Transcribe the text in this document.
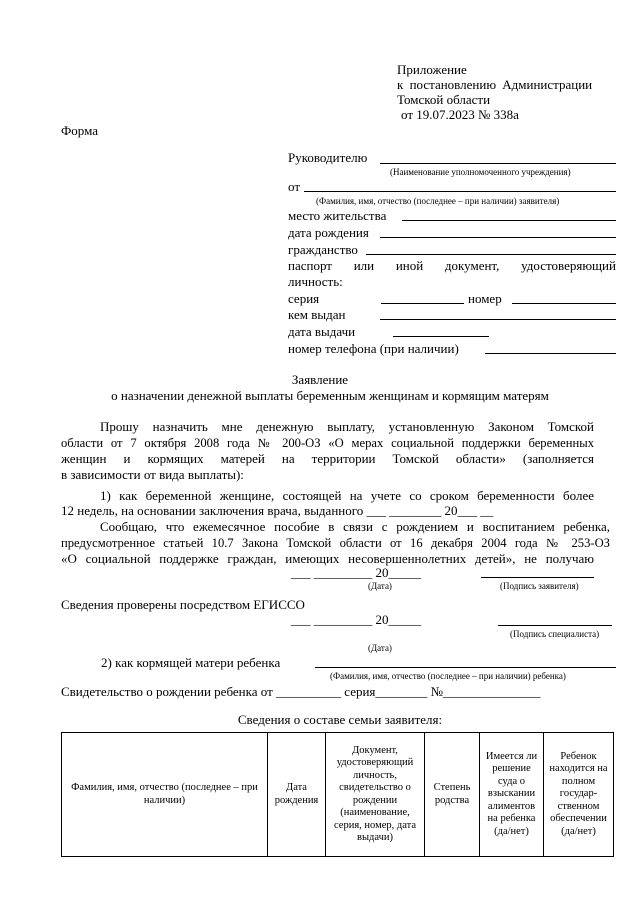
Приложение
к постановлению Администрации
Томской области
от 19.07.2023 № 338а
Форма
Руководителю
(Наименование уполномоченного учреждения)
от
(Фамилия, имя, отчество (последнее – при наличии) заявителя)
место жительства
дата рождения
гражданство
паспорт или иной документ, удостоверяющий
личность:
серия	номер
кем выдан
дата выдачи
номер телефона (при наличии)
Заявление
о назначении денежной выплаты беременным женщинам и кормящим матерям
Прошу назначить мне денежную выплату, установленную Законом Томской
области от 7 октября 2008 года № 200-ОЗ «О мерах социальной поддержки беременных
женщин и кормящих матерей на территории Томской области» (заполняется
в зависимости от вида выплаты):
1) как беременной женщине, состоящей на учете со сроком беременности более
12 недель, на основании заключения врача, выданного ___ ________ 20___ __
Сообщаю, что ежемесячное пособие в связи с рождением и воспитанием ребенка,
предусмотренное статьей 10.7 Закона Томской области от 16 декабря 2004 года № 253-ОЗ
«О социальной поддержке граждан, имеющих несовершеннолетних детей», не получаю
___ _________ 20_____
(Дата)	(Подпись заявителя)
Сведения проверены посредством ЕГИССО
___ _________ 20_____
(Подпись специалиста)
(Дата)
2) как кормящей матери ребенка
(Фамилия, имя, отчество (последнее – при наличии) ребенка)
Свидетельство о рождении ребенка от __________ серия________ №_______________
Сведения о составе семьи заявителя:
Фамилия, имя, отчество (последнее – при наличии)	Дата рождения	Документ, удостоверяющий личность, свидетельство о рождении (наименование, серия, номер, дата выдачи)	Степень родства	Имеется ли решение суда о взыскании алиментов на ребенка (да/нет)	Ребенок находится на полном государ-ственном обеспечении (да/нет)
